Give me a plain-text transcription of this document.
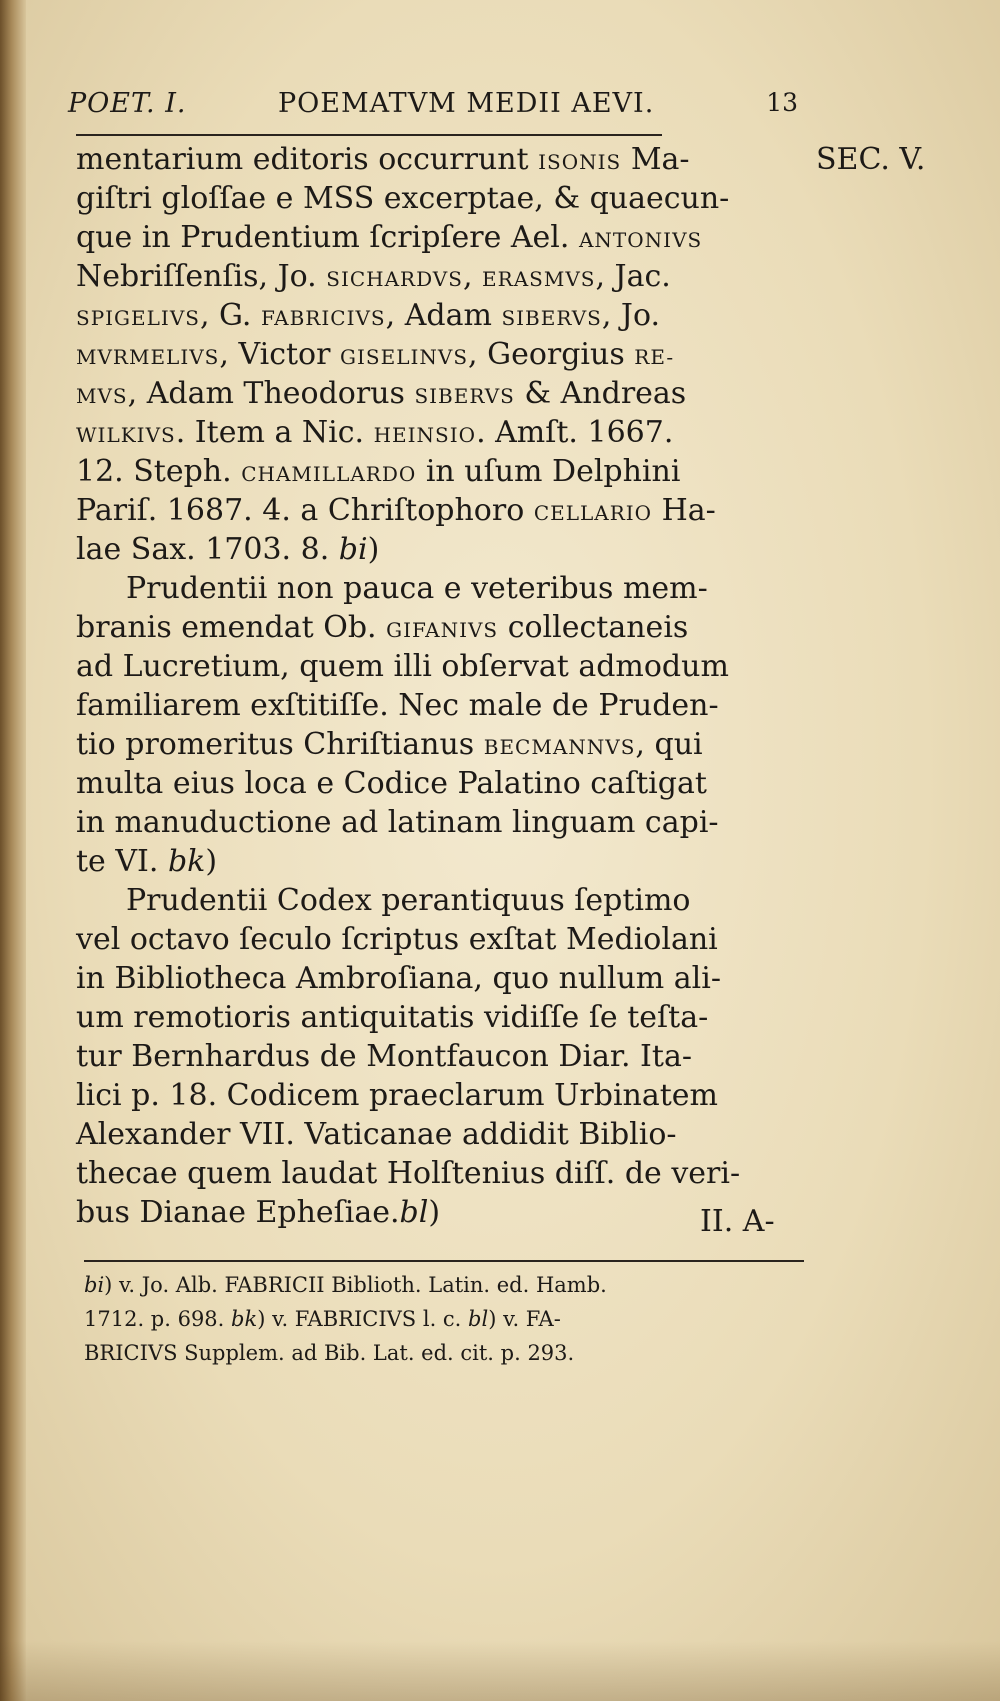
POET. I.	POEMATVM MEDII AEVI.	13
SEC. V.
mentarium editoris occurrunt ISONIS Ma-
giſtri gloſſae e MSS excerptae, & quaecun-
que in Prudentium ſcripſere Ael. ANTONIVS
Nebriſſenſis, Jo. SICHARDVS, ERASMVS, Jac.
SPIGELIVS, G. FABRICIVS, Adam SIBERVS, Jo.
MVRMELIVS, Victor GISELINVS, Georgius RE-
MVS, Adam Theodorus SIBERVS & Andreas
WILKIVS. Item a Nic. HEINSIO. Amſt. 1667.
12. Steph. CHAMILLARDO in uſum Delphini
Pariſ. 1687. 4. a Chriſtophoro CELLARIO Ha-
lae Sax. 1703. 8. bi)
Prudentii non pauca e veteribus mem-
branis emendat Ob. GIFANIVS collectaneis
ad Lucretium, quem illi obſervat admodum
familiarem exſtitiſſe. Nec male de Pruden-
tio promeritus Chriſtianus BECMANNVS, qui
multa eius loca e Codice Palatino caſtigat
in manuductione ad latinam linguam capi-
te VI. bk)
Prudentii Codex perantiquus ſeptimo
vel octavo ſeculo ſcriptus exſtat Mediolani
in Bibliotheca Ambroſiana, quo nullum ali-
um remotioris antiquitatis vidiſſe ſe teſta-
tur Bernhardus de Montfaucon Diar. Ita-
lici p. 18. Codicem praeclarum Urbinatem
Alexander VII. Vaticanae addidit Biblio-
thecae quem laudat Holſtenius diſſ. de veri-
bus Dianae Epheſiae.bl)	II. A-
bi) v. Jo. Alb. FABRICII Biblioth. Latin. ed. Hamb.
1712. p. 698. bk) v. FABRICIVS l. c. bl) v. FA-
BRICIVS Supplem. ad Bib. Lat. ed. cit. p. 293.
